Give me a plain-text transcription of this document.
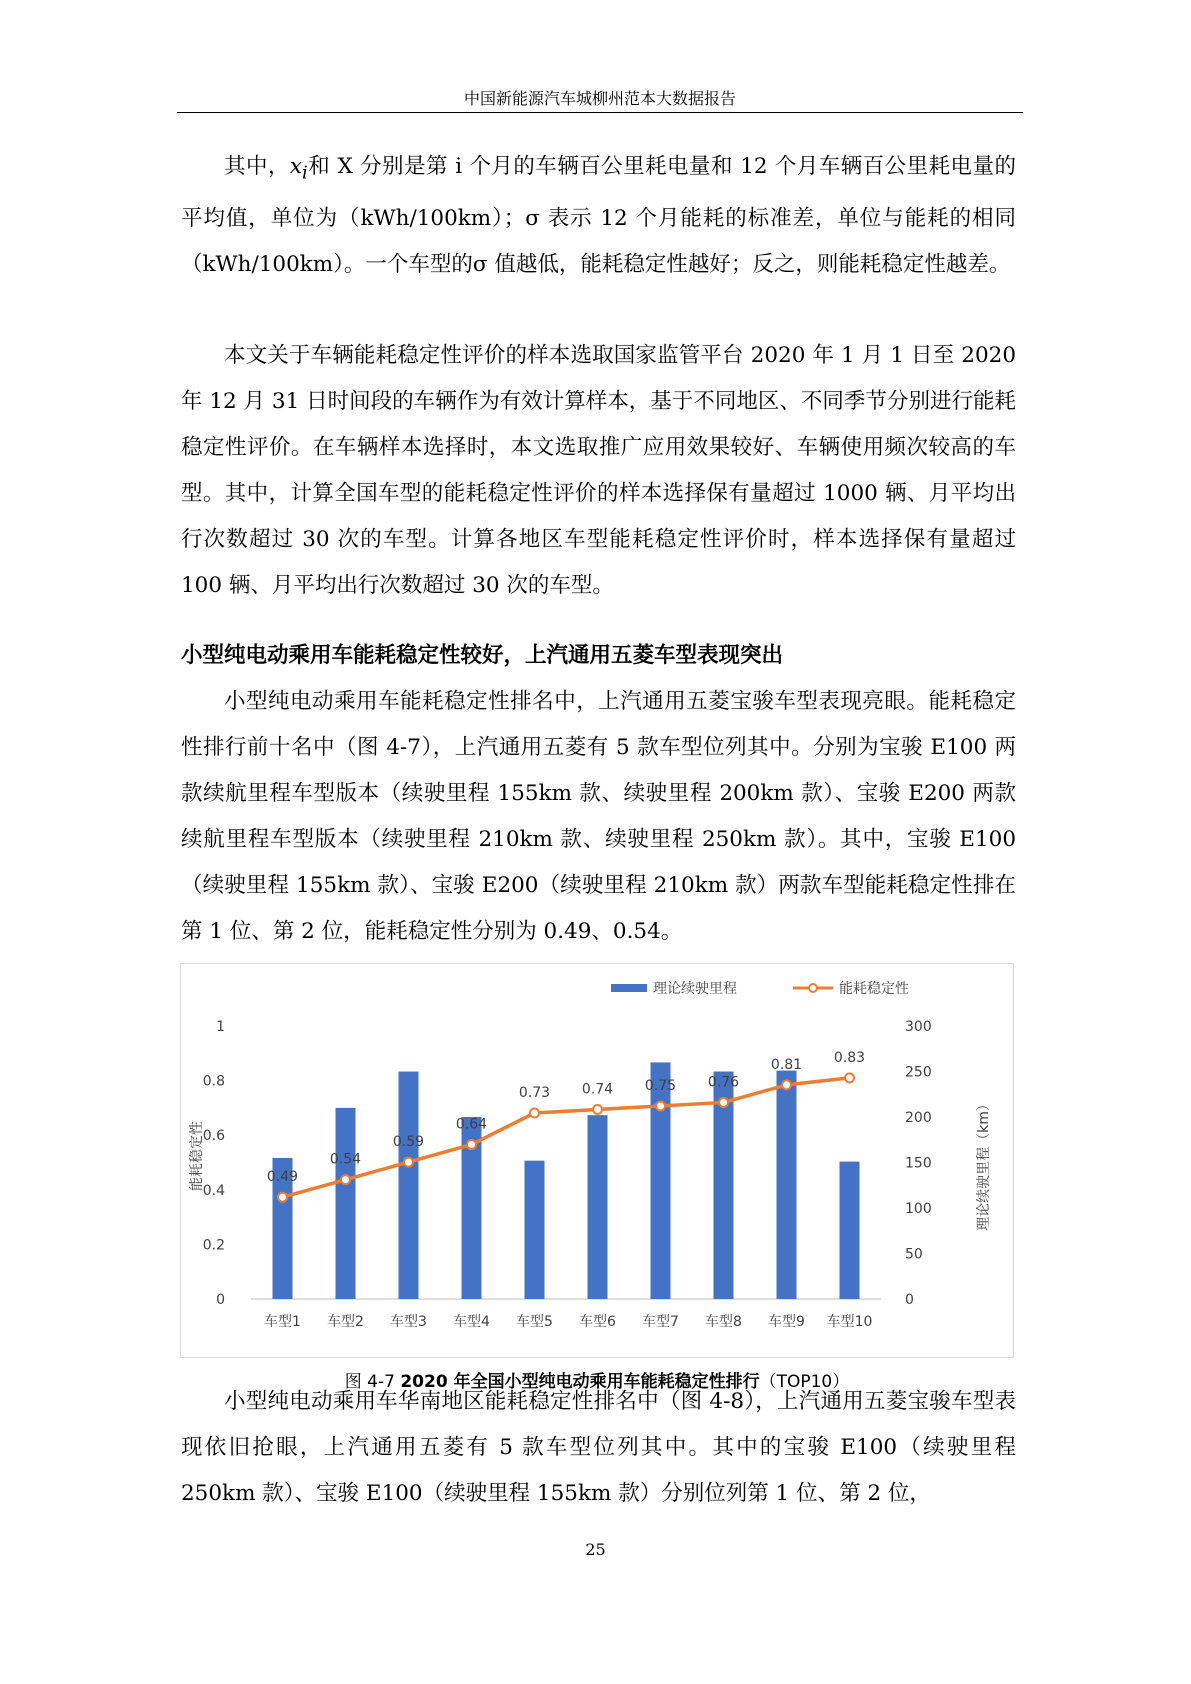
中国新能源汽车城柳州范本大数据报告

其中，$x_i$和 X 分别是第 i 个月的车辆百公里耗电量和 12 个月车辆百公里耗电量的平均值，单位为（kWh/100km）；σ 表示 12 个月能耗的标准差，单位与能耗的相同（kWh/100km）。一个车型的σ 值越低，能耗稳定性越好；反之，则能耗稳定性越差。

本文关于车辆能耗稳定性评价的样本选取国家监管平台 2020 年 1 月 1 日至 2020 年 12 月 31 日时间段的车辆作为有效计算样本，基于不同地区、不同季节分别进行能耗稳定性评价。在车辆样本选择时，本文选取推广应用效果较好、车辆使用频次较高的车型。其中，计算全国车型的能耗稳定性评价的样本选择保有量超过 1000 辆、月平均出行次数超过 30 次的车型。计算各地区车型能耗稳定性评价时，样本选择保有量超过 100 辆、月平均出行次数超过 30 次的车型。

小型纯电动乘用车能耗稳定性较好，上汽通用五菱车型表现突出

小型纯电动乘用车能耗稳定性排名中，上汽通用五菱宝骏车型表现亮眼。能耗稳定性排行前十名中（图 4-7），上汽通用五菱有 5 款车型位列其中。分别为宝骏 E100 两款续航里程车型版本（续驶里程 155km 款、续驶里程 200km 款）、宝骏 E200 两款续航里程车型版本（续驶里程 210km 款、续驶里程 250km 款）。其中，宝骏 E100（续驶里程 155km 款）、宝骏 E200（续驶里程 210km 款）两款车型能耗稳定性排在第 1 位、第 2 位，能耗稳定性分别为 0.49、0.54。

理论续驶里程	能耗稳定性
0
0.2
0.4
0.6
0.8
1
0
50
100
150
200
250
300
能耗稳定性	理论续驶里程（km）
0.49
0.54
0.59
0.64
0.73 0.74 0.75 0.76
0.81 0.83
车型1 车型2 车型3 车型4 车型5 车型6 车型7 车型8 车型9 车型10
图 4-7 2020 年全国小型纯电动乘用车能耗稳定性排行（TOP10）

小型纯电动乘用车华南地区能耗稳定性排名中（图 4-8），上汽通用五菱宝骏车型表现依旧抢眼，上汽通用五菱有 5 款车型位列其中。其中的宝骏 E100（续驶里程 250km 款）、宝骏 E100（续驶里程 155km 款）分别位列第 1 位、第 2 位，

25
